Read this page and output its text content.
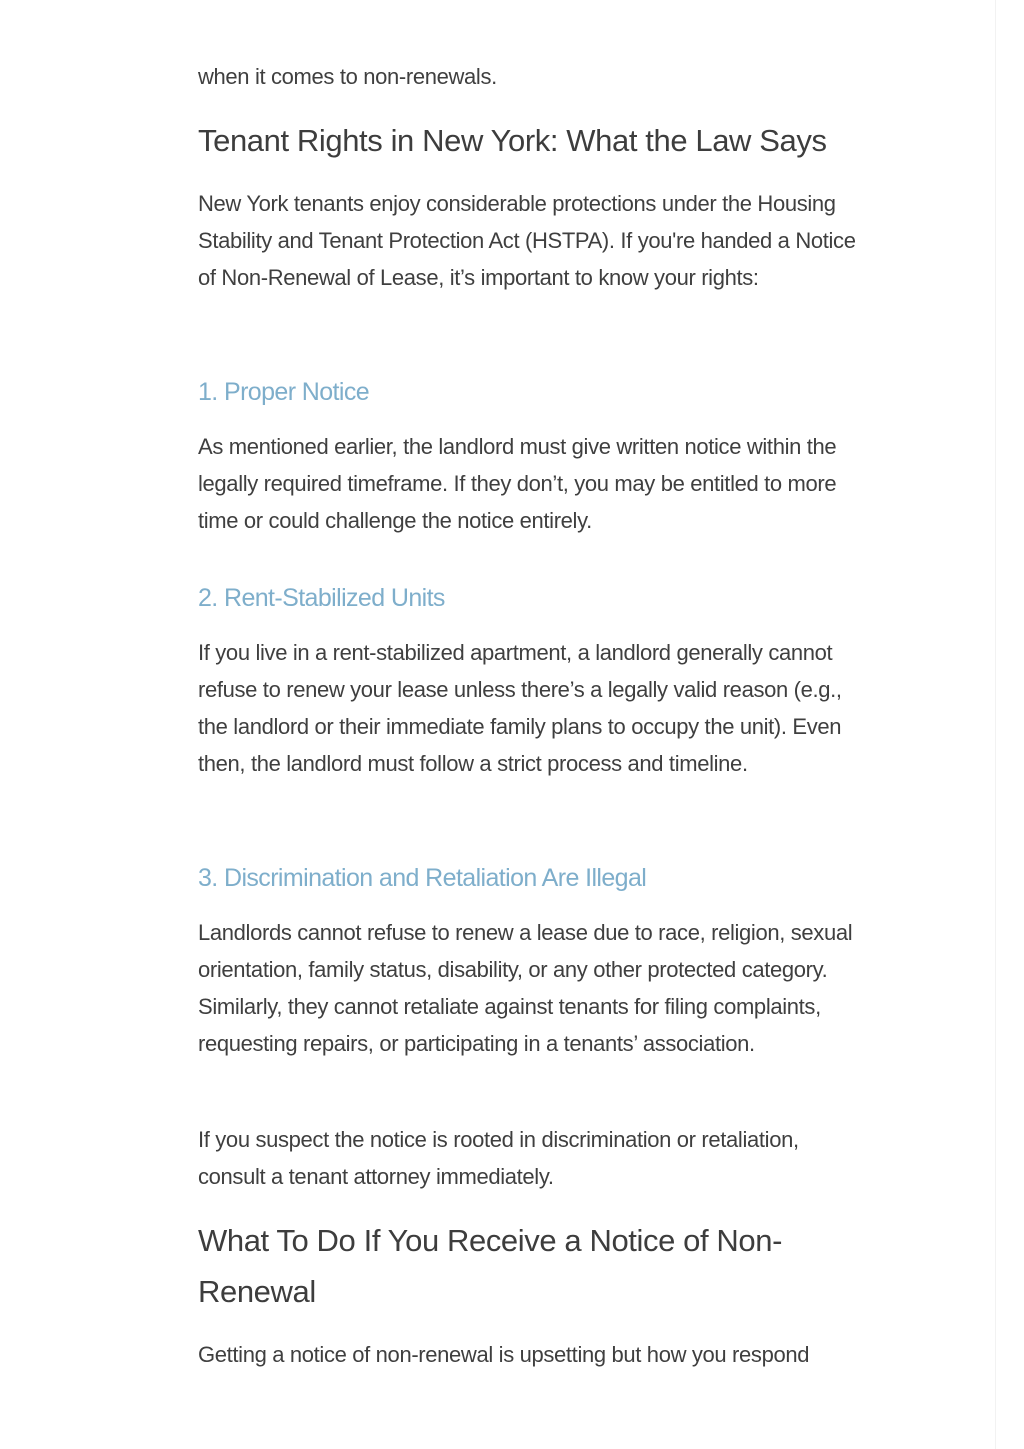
when it comes to non-renewals.

Tenant Rights in New York: What the Law Says

New York tenants enjoy considerable protections under the Housing Stability and Tenant Protection Act (HSTPA). If you're handed a Notice of Non-Renewal of Lease, it’s important to know your rights:

1. Proper Notice

As mentioned earlier, the landlord must give written notice within the legally required timeframe. If they don’t, you may be entitled to more time or could challenge the notice entirely.

2. Rent-Stabilized Units

If you live in a rent-stabilized apartment, a landlord generally cannot refuse to renew your lease unless there’s a legally valid reason (e.g., the landlord or their immediate family plans to occupy the unit). Even then, the landlord must follow a strict process and timeline.

3. Discrimination and Retaliation Are Illegal

Landlords cannot refuse to renew a lease due to race, religion, sexual orientation, family status, disability, or any other protected category. Similarly, they cannot retaliate against tenants for filing complaints, requesting repairs, or participating in a tenants’ association.

If you suspect the notice is rooted in discrimination or retaliation, consult a tenant attorney immediately.

What To Do If You Receive a Notice of Non-Renewal

Getting a notice of non-renewal is upsetting but how you respond
